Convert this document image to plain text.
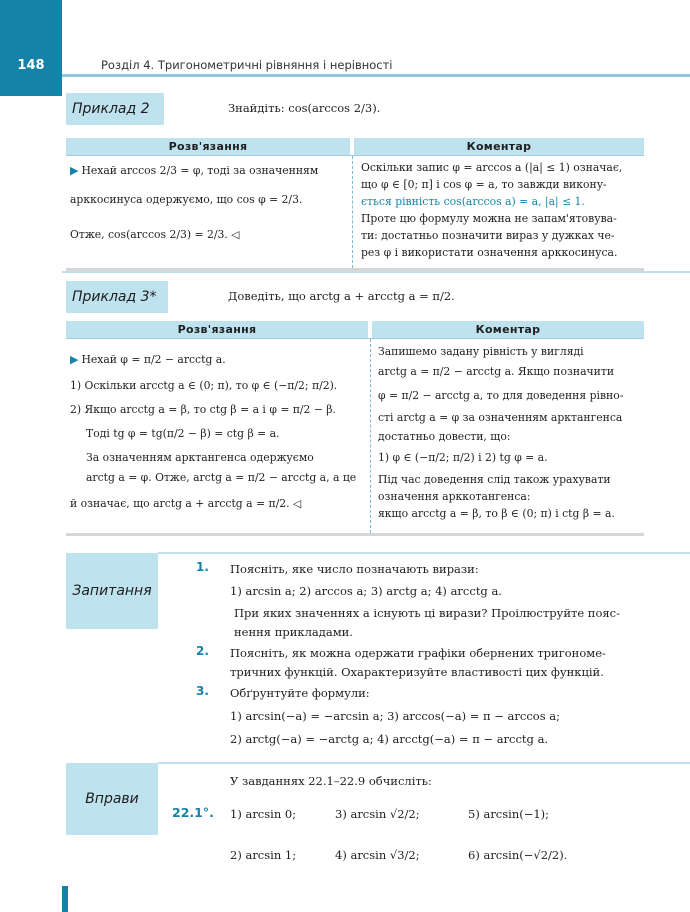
148	Розділ 4. Тригонометричні рівняння і нерівності
Приклад 2	Знайдіть: cos(arccos 2/3).
Розв'язання	Коментар
▶ Нехай arccos 2/3 = φ, тоді за означенням
арккосинуса одержуємо, що cos φ = 2/3.
Отже, cos(arccos 2/3) = 2/3. ◁
Оскільки запис φ = arccos a (|a| ≤ 1) означає,
що φ ∈ [0; π] і cos φ = a, то завжди викону-
ється рівність cos(arccos a) = a, |a| ≤ 1.
Проте цю формулу можна не запам'ятовува-
ти: достатньо позначити вираз у дужках че-
рез φ і використати означення арккосинуса.
Приклад 3*	Доведіть, що arctg a + arcctg a = π/2.
Розв'язання	Коментар
▶ Нехай φ = π/2 − arcctg a.
1) Оскільки arcctg a ∈ (0; π), то φ ∈ (−π/2; π/2).
2) Якщо arcctg a = β, то ctg β = a і φ = π/2 − β.
Тоді tg φ = tg(π/2 − β) = ctg β = a.
За означенням арктангенса одержуємо
arctg a = φ. Отже, arctg a = π/2 − arcctg a, а це
й означає, що arctg a + arcctg a = π/2. ◁
Запишемо задану рівність у вигляді
arctg a = π/2 − arcctg a. Якщо позначити
φ = π/2 − arcctg a, то для доведення рівно-
сті arctg a = φ за означенням арктангенса
достатньо довести, що:
1) φ ∈ (−π/2; π/2) і 2) tg φ = a.
Під час доведення слід також урахувати
означення арккотангенса:
якщо arcctg a = β, то β ∈ (0; π) і ctg β = a.
Запитання
1.	Поясніть, яке число позначають вирази:
1) arcsin a; 2) arccos a; 3) arctg a; 4) arcctg a.
При яких значеннях a існують ці вирази? Проілюструйте пояс-
нення прикладами.
2.	Поясніть, як можна одержати графіки обернених тригономе-
тричних функцій. Охарактеризуйте властивості цих функцій.
3.	Обґрунтуйте формули:
1) arcsin(−a) = −arcsin a; 3) arccos(−a) = π − arccos a;
2) arctg(−a) = −arctg a; 4) arcctg(−a) = π − arcctg a.
Вправи
У завданнях 22.1–22.9 обчисліть:
22.1°. 1) arcsin 0;	3) arcsin √2/2;	5) arcsin(−1);
2) arcsin 1;	4) arcsin √3/2;	6) arcsin(−√2/2).
